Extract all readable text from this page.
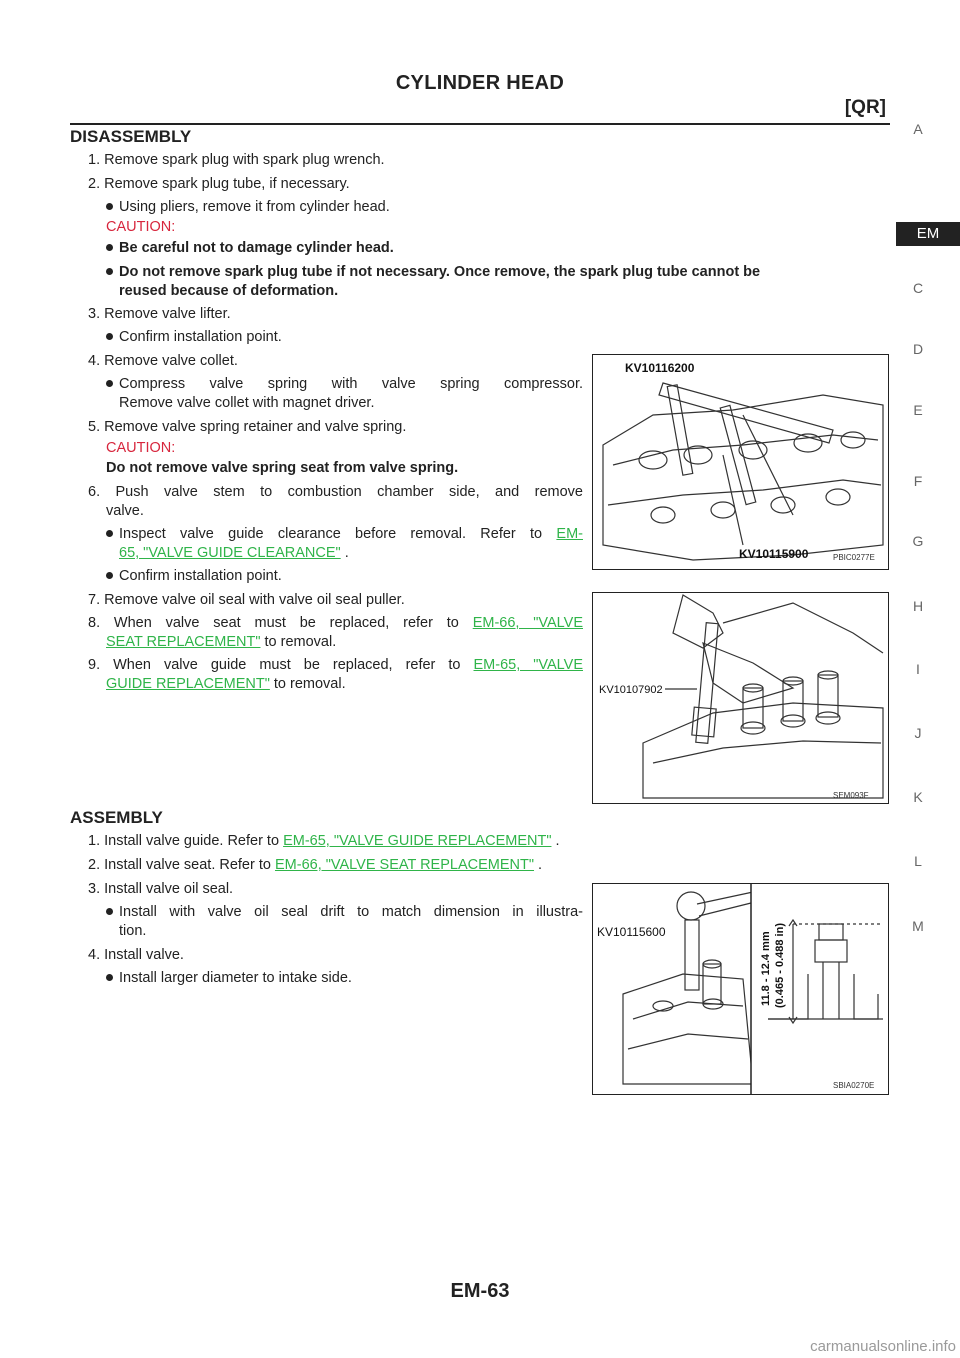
CYLINDER HEAD
[QR]
A
EM
C
D
E
F
G
H
I
J
K
L
M
DISASSEMBLY
1. Remove spark plug with spark plug wrench.
2. Remove spark plug tube, if necessary.
Using pliers, remove it from cylinder head.
CAUTION:
Be careful not to damage cylinder head.
Do not remove spark plug tube if not necessary. Once remove, the spark plug tube cannot be
reused because of deformation.
3. Remove valve lifter.
Confirm installation point.
4. Remove valve collet.
Compress valve spring with valve spring compressor.
Remove valve collet with magnet driver.
5. Remove valve spring retainer and valve spring.
CAUTION:
Do not remove valve spring seat from valve spring.
6. Push valve stem to combustion chamber side, and remove
valve.
Inspect valve guide clearance before removal. Refer to EM-
65, "VALVE GUIDE CLEARANCE" .
Confirm installation point.
7. Remove valve oil seal with valve oil seal puller.
8. When valve seat must be replaced, refer to EM-66, "VALVE
SEAT REPLACEMENT" to removal.
9. When valve guide must be replaced, refer to EM-65, "VALVE
GUIDE REPLACEMENT" to removal.
KV10116200
KV10115900	PBIC0277E
KV10107902
SEM093F
ASSEMBLY
1. Install valve guide. Refer to EM-65, "VALVE GUIDE REPLACEMENT" .
2. Install valve seat. Refer to EM-66, "VALVE SEAT REPLACEMENT" .
3. Install valve oil seal.
Install with valve oil seal drift to match dimension in illustra-
tion.
4. Install valve.
Install larger diameter to intake side.
KV10115600	11.8 - 12.4 mm (0.465 - 0.488 in)
SBIA0270E
EM-63
carmanualsonline.info
